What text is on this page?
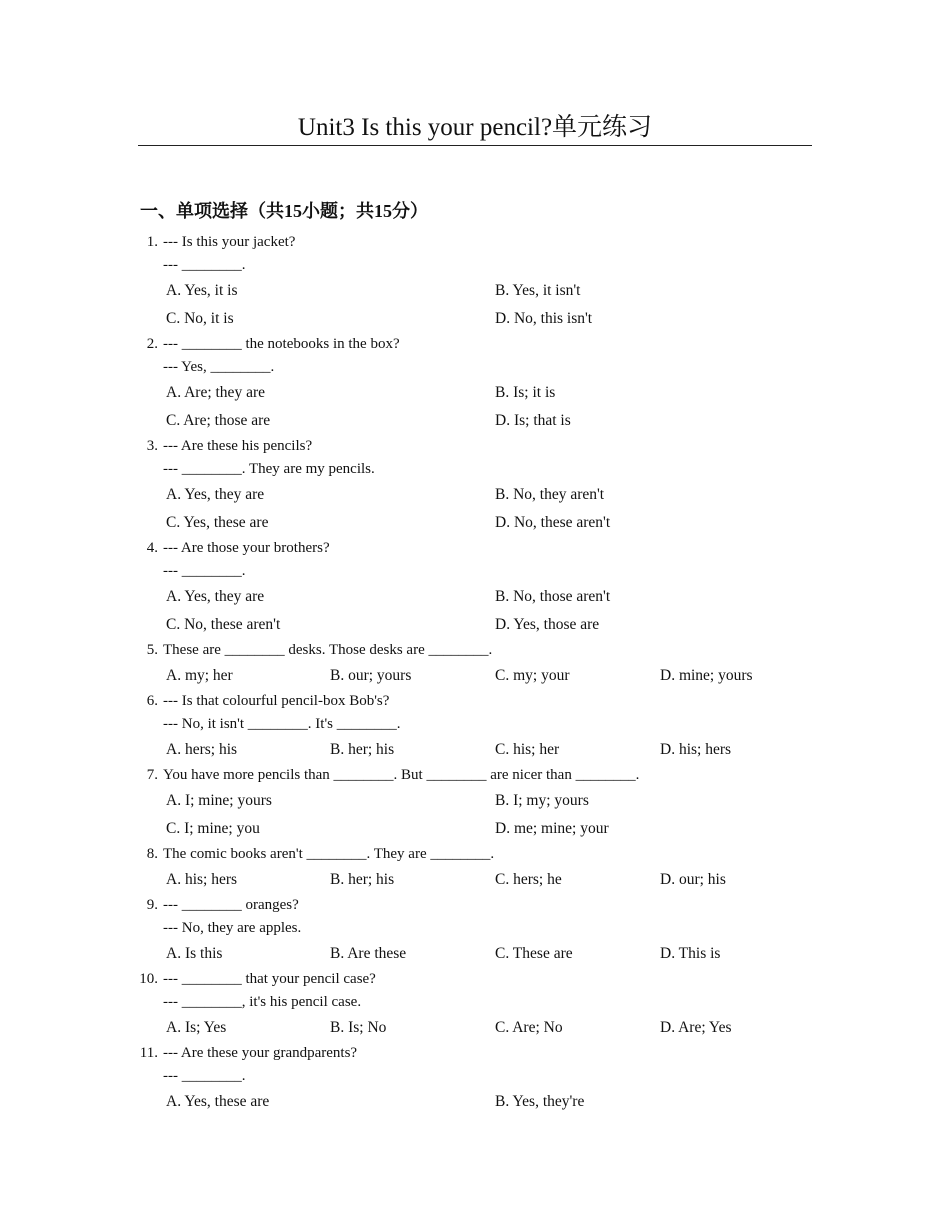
Unit3 Is this your pencil?单元练习
一、单项选择（共15小题；共15分）
1. --- Is this your jacket?
--- ________.
A. Yes, it is	B. Yes, it isn't
C. No, it is	D. No, this isn't
2. --- ________ the notebooks in the box?
--- Yes, ________.
A. Are; they are	B. Is; it is
C. Are; those are	D. Is; that is
3. --- Are these his pencils?
--- ________. They are my pencils.
A. Yes, they are	B. No, they aren't
C. Yes, these are	D. No, these aren't
4. --- Are those your brothers?
--- ________.
A. Yes, they are	B. No, those aren't
C. No, these aren't	D. Yes, those are
5. These are ________ desks. Those desks are ________.
A. my; her	B. our; yours	C. my; your	D. mine; yours
6. --- Is that colourful pencil-box Bob's?
--- No, it isn't ________. It's ________.
A. hers; his	B. her; his	C. his; her	D. his; hers
7. You have more pencils than ________. But ________ are nicer than ________.
A. I; mine; yours	B. I; my; yours
C. I; mine; you	D. me; mine; your
8. The comic books aren't ________. They are ________.
A. his; hers	B. her; his	C. hers; he	D. our; his
9. --- ________ oranges?
--- No, they are apples.
A. Is this	B. Are these	C. These are	D. This is
10. --- ________ that your pencil case?
--- ________, it's his pencil case.
A. Is; Yes	B. Is; No	C. Are; No	D. Are; Yes
11. --- Are these your grandparents?
--- ________.
A. Yes, these are	B. Yes, they're
